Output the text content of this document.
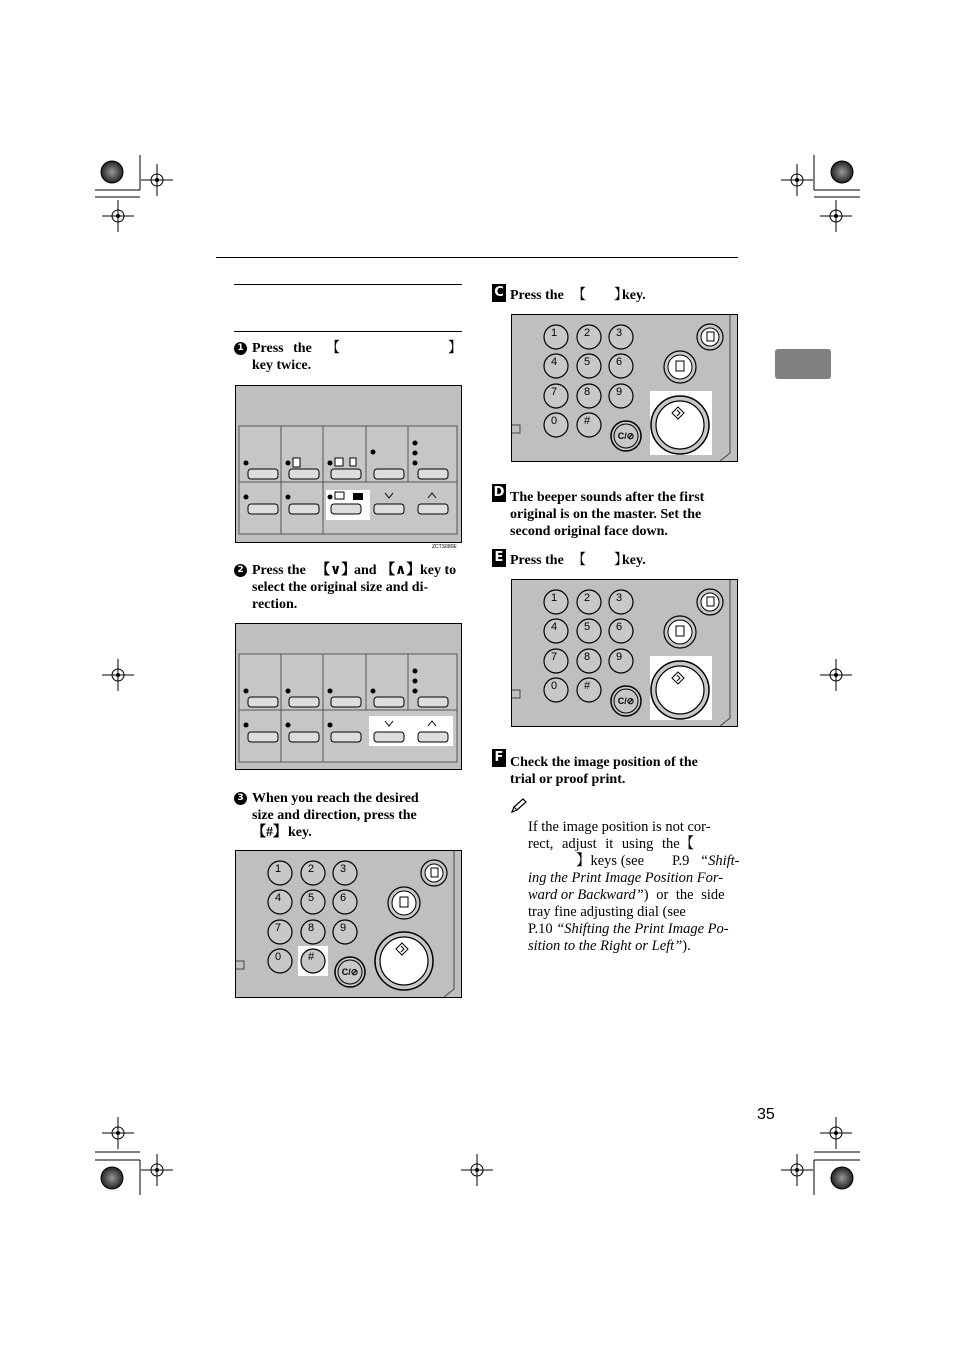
1 Press the 【	】
key twice.
ZCTS080E
2 Press the 【∨】
and 【∧】 key to
select the original size and di-
rection.
3 When you reach the desired
size and direction, press the
【#】 key.
1 2 3
4 5 6
7 8 9
0 #
C/⊘
C Press the 【        】
key.
1 2 3
4 5 6
7 8 9
0 #
C/⊘
D The beeper sounds after the first
original is on the master. Set the
second original face down.
E Press the 【        】
key.
1 2 3
4 5 6
7 8 9
0 #
C/⊘
F Check the image position of the
trial or proof print.
If the image position is not cor-
rect, adjust it using the【
】keys (see P.9 “Shift-
ing the Print Image Position For-
ward or Backward”) or the side
tray fine adjusting dial (see
P.10 “Shifting the Print Image Po-
sition to the Right or Left”).
35
